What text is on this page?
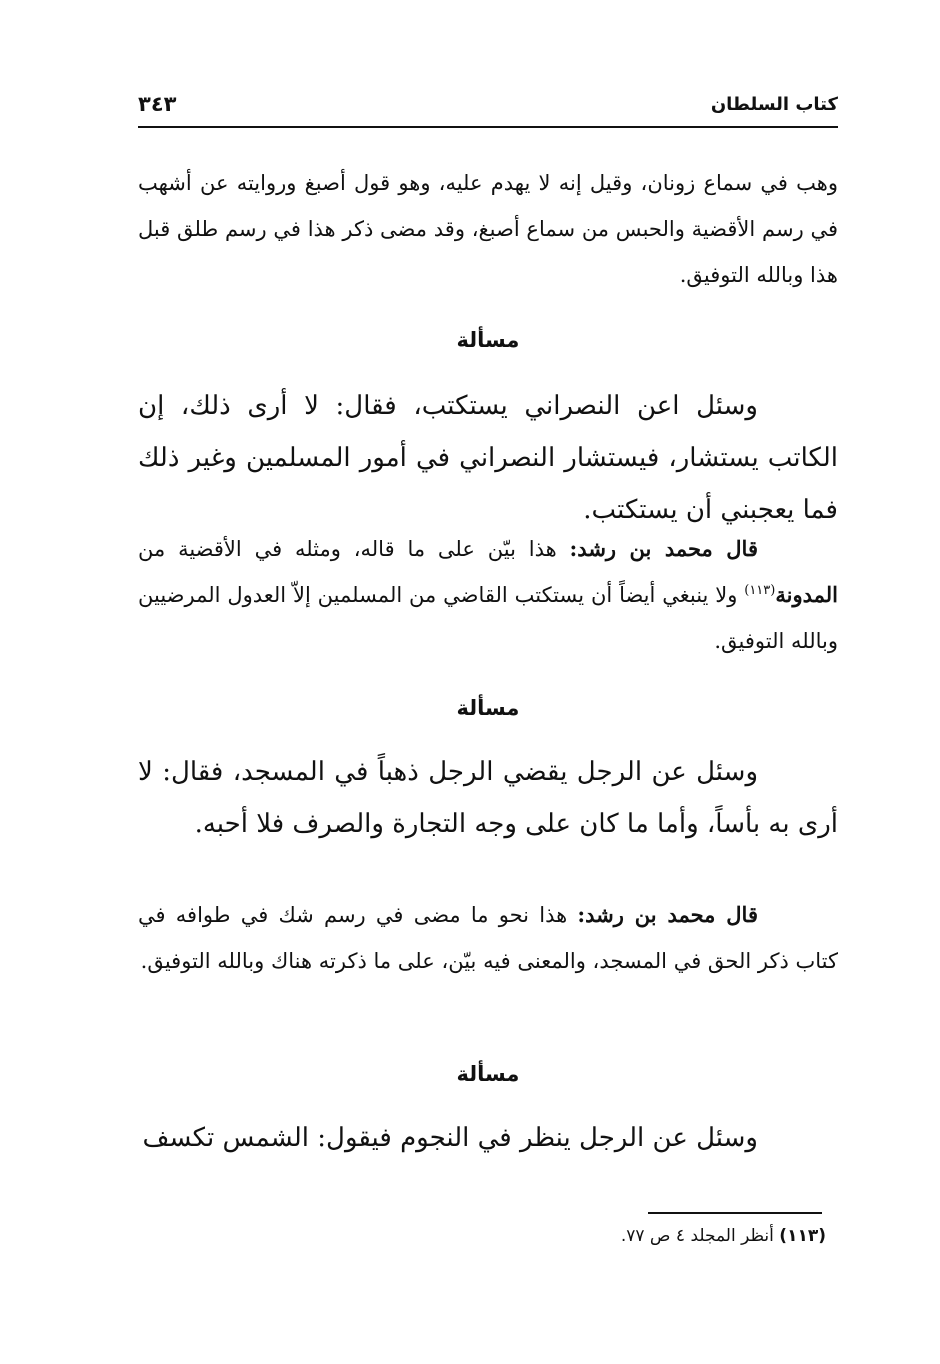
كتاب السلطان
٣٤٣

وهب في سماع زونان، وقيل إنه لا يهدم عليه، وهو قول أصبغ وروايته عن أشهب في رسم الأقضية والحبس من سماع أصبغ، وقد مضى ذكر هذا في رسم طلق قبل هذا وبالله التوفيق.

مسألة

وسئل اعن النصراني يستكتب، فقال: لا أرى ذلك، إن الكاتب يستشار، فيستشار النصراني في أمور المسلمين وغير ذلك فما يعجبني أن يستكتب.

قال محمد بن رشد: هذا بيّن على ما قاله، ومثله في الأقضية من المدونة$^{(١١٣)}$ ولا ينبغي أيضاً أن يستكتب القاضي من المسلمين إلاّ العدول المرضيين وبالله التوفيق.

مسألة

وسئل عن الرجل يقضي الرجل ذهباً في المسجد، فقال: لا أرى به بأساً، وأما ما كان على وجه التجارة والصرف فلا أحبه.

قال محمد بن رشد: هذا نحو ما مضى في رسم شك في طوافه في كتاب ذكر الحق في المسجد، والمعنى فيه بيّن، على ما ذكرته هناك وبالله التوفيق.

مسألة

وسئل عن الرجل ينظر في النجوم فيقول: الشمس تكسف

(١١٣) أنظر المجلد ٤ ص ٧٧.
